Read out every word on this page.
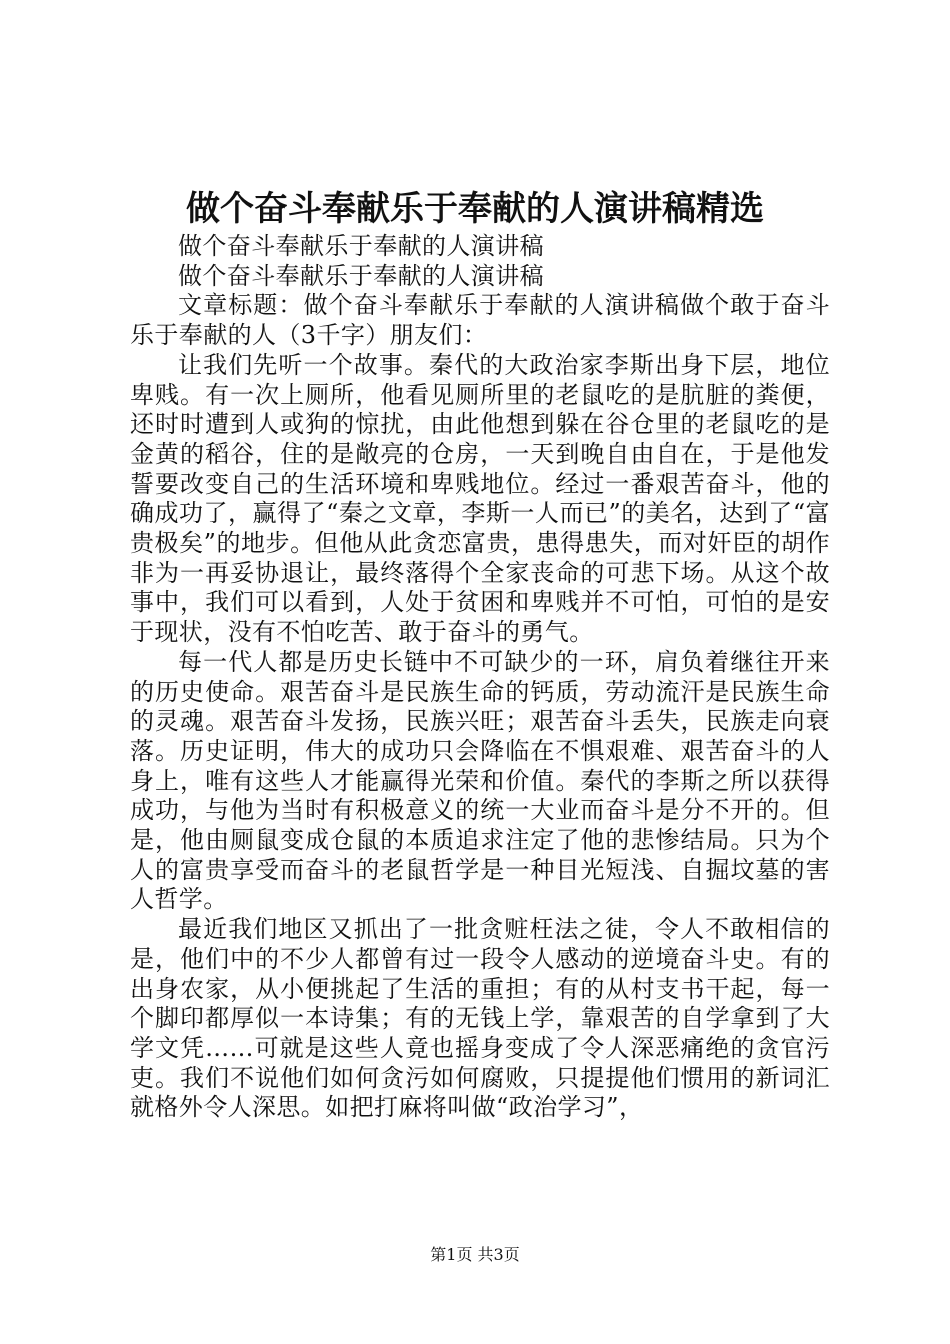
做个奋斗奉献乐于奉献的人演讲稿精选

做个奋斗奉献乐于奉献的人演讲稿

做个奋斗奉献乐于奉献的人演讲稿

文章标题：做个奋斗奉献乐于奉献的人演讲稿做个敢于奋斗乐于奉献的人（3千字）朋友们：

让我们先听一个故事。秦代的大政治家李斯出身下层，地位卑贱。有一次上厕所，他看见厕所里的老鼠吃的是肮脏的粪便，还时时遭到人或狗的惊扰，由此他想到躲在谷仓里的老鼠吃的是金黄的稻谷，住的是敞亮的仓房，一天到晚自由自在，于是他发誓要改变自己的生活环境和卑贱地位。经过一番艰苦奋斗，他的确成功了，赢得了“秦之文章，李斯一人而已”的美名，达到了“富贵极矣”的地步。但他从此贪恋富贵，患得患失，而对奸臣的胡作非为一再妥协退让，最终落得个全家丧命的可悲下场。从这个故事中，我们可以看到，人处于贫困和卑贱并不可怕，可怕的是安于现状，没有不怕吃苦、敢于奋斗的勇气。

每一代人都是历史长链中不可缺少的一环，肩负着继往开来的历史使命。艰苦奋斗是民族生命的钙质，劳动流汗是民族生命的灵魂。艰苦奋斗发扬，民族兴旺；艰苦奋斗丢失，民族走向衰落。历史证明，伟大的成功只会降临在不惧艰难、艰苦奋斗的人身上，唯有这些人才能赢得光荣和价值。秦代的李斯之所以获得成功，与他为当时有积极意义的统一大业而奋斗是分不开的。但是，他由厕鼠变成仓鼠的本质追求注定了他的悲惨结局。只为个人的富贵享受而奋斗的老鼠哲学是一种目光短浅、自掘坟墓的害人哲学。

最近我们地区又抓出了一批贪赃枉法之徒，令人不敢相信的是，他们中的不少人都曾有过一段令人感动的逆境奋斗史。有的出身农家，从小便挑起了生活的重担；有的从村支书干起，每一个脚印都厚似一本诗集；有的无钱上学，靠艰苦的自学拿到了大学文凭……可就是这些人竟也摇身变成了令人深恶痛绝的贪官污吏。我们不说他们如何贪污如何腐败，只提提他们惯用的新词汇就格外令人深思。如把打麻将叫做“政治学习”，

第1页 共3页
